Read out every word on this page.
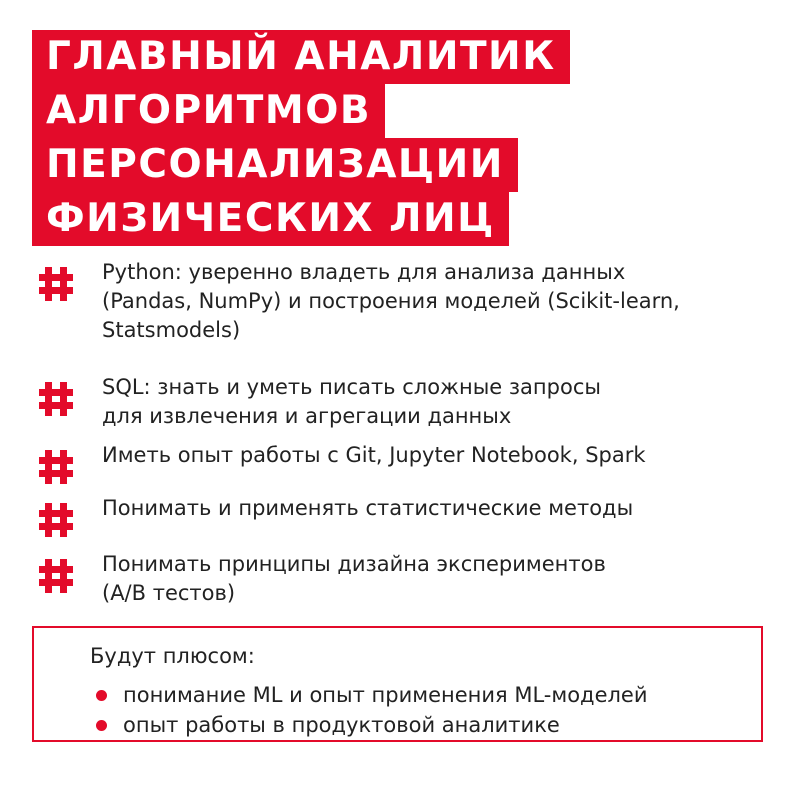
ГЛАВНЫЙ АНАЛИТИК
АЛГОРИТМОВ
ПЕРСОНАЛИЗАЦИИ
ФИЗИЧЕСКИХ ЛИЦ
Python: уверенно владеть для анализа данных
(Pandas, NumPy) и построения моделей (Scikit-learn,
Statsmodels)
SQL: знать и уметь писать сложные запросы
для извлечения и агрегации данных
Иметь опыт работы с Git, Jupyter Notebook, Spark
Понимать и применять статистические методы
Понимать принципы дизайна экспериментов
(A/B тестов)
Будут плюсом:
понимание ML и опыт применения ML-моделей
опыт работы в продуктовой аналитике
